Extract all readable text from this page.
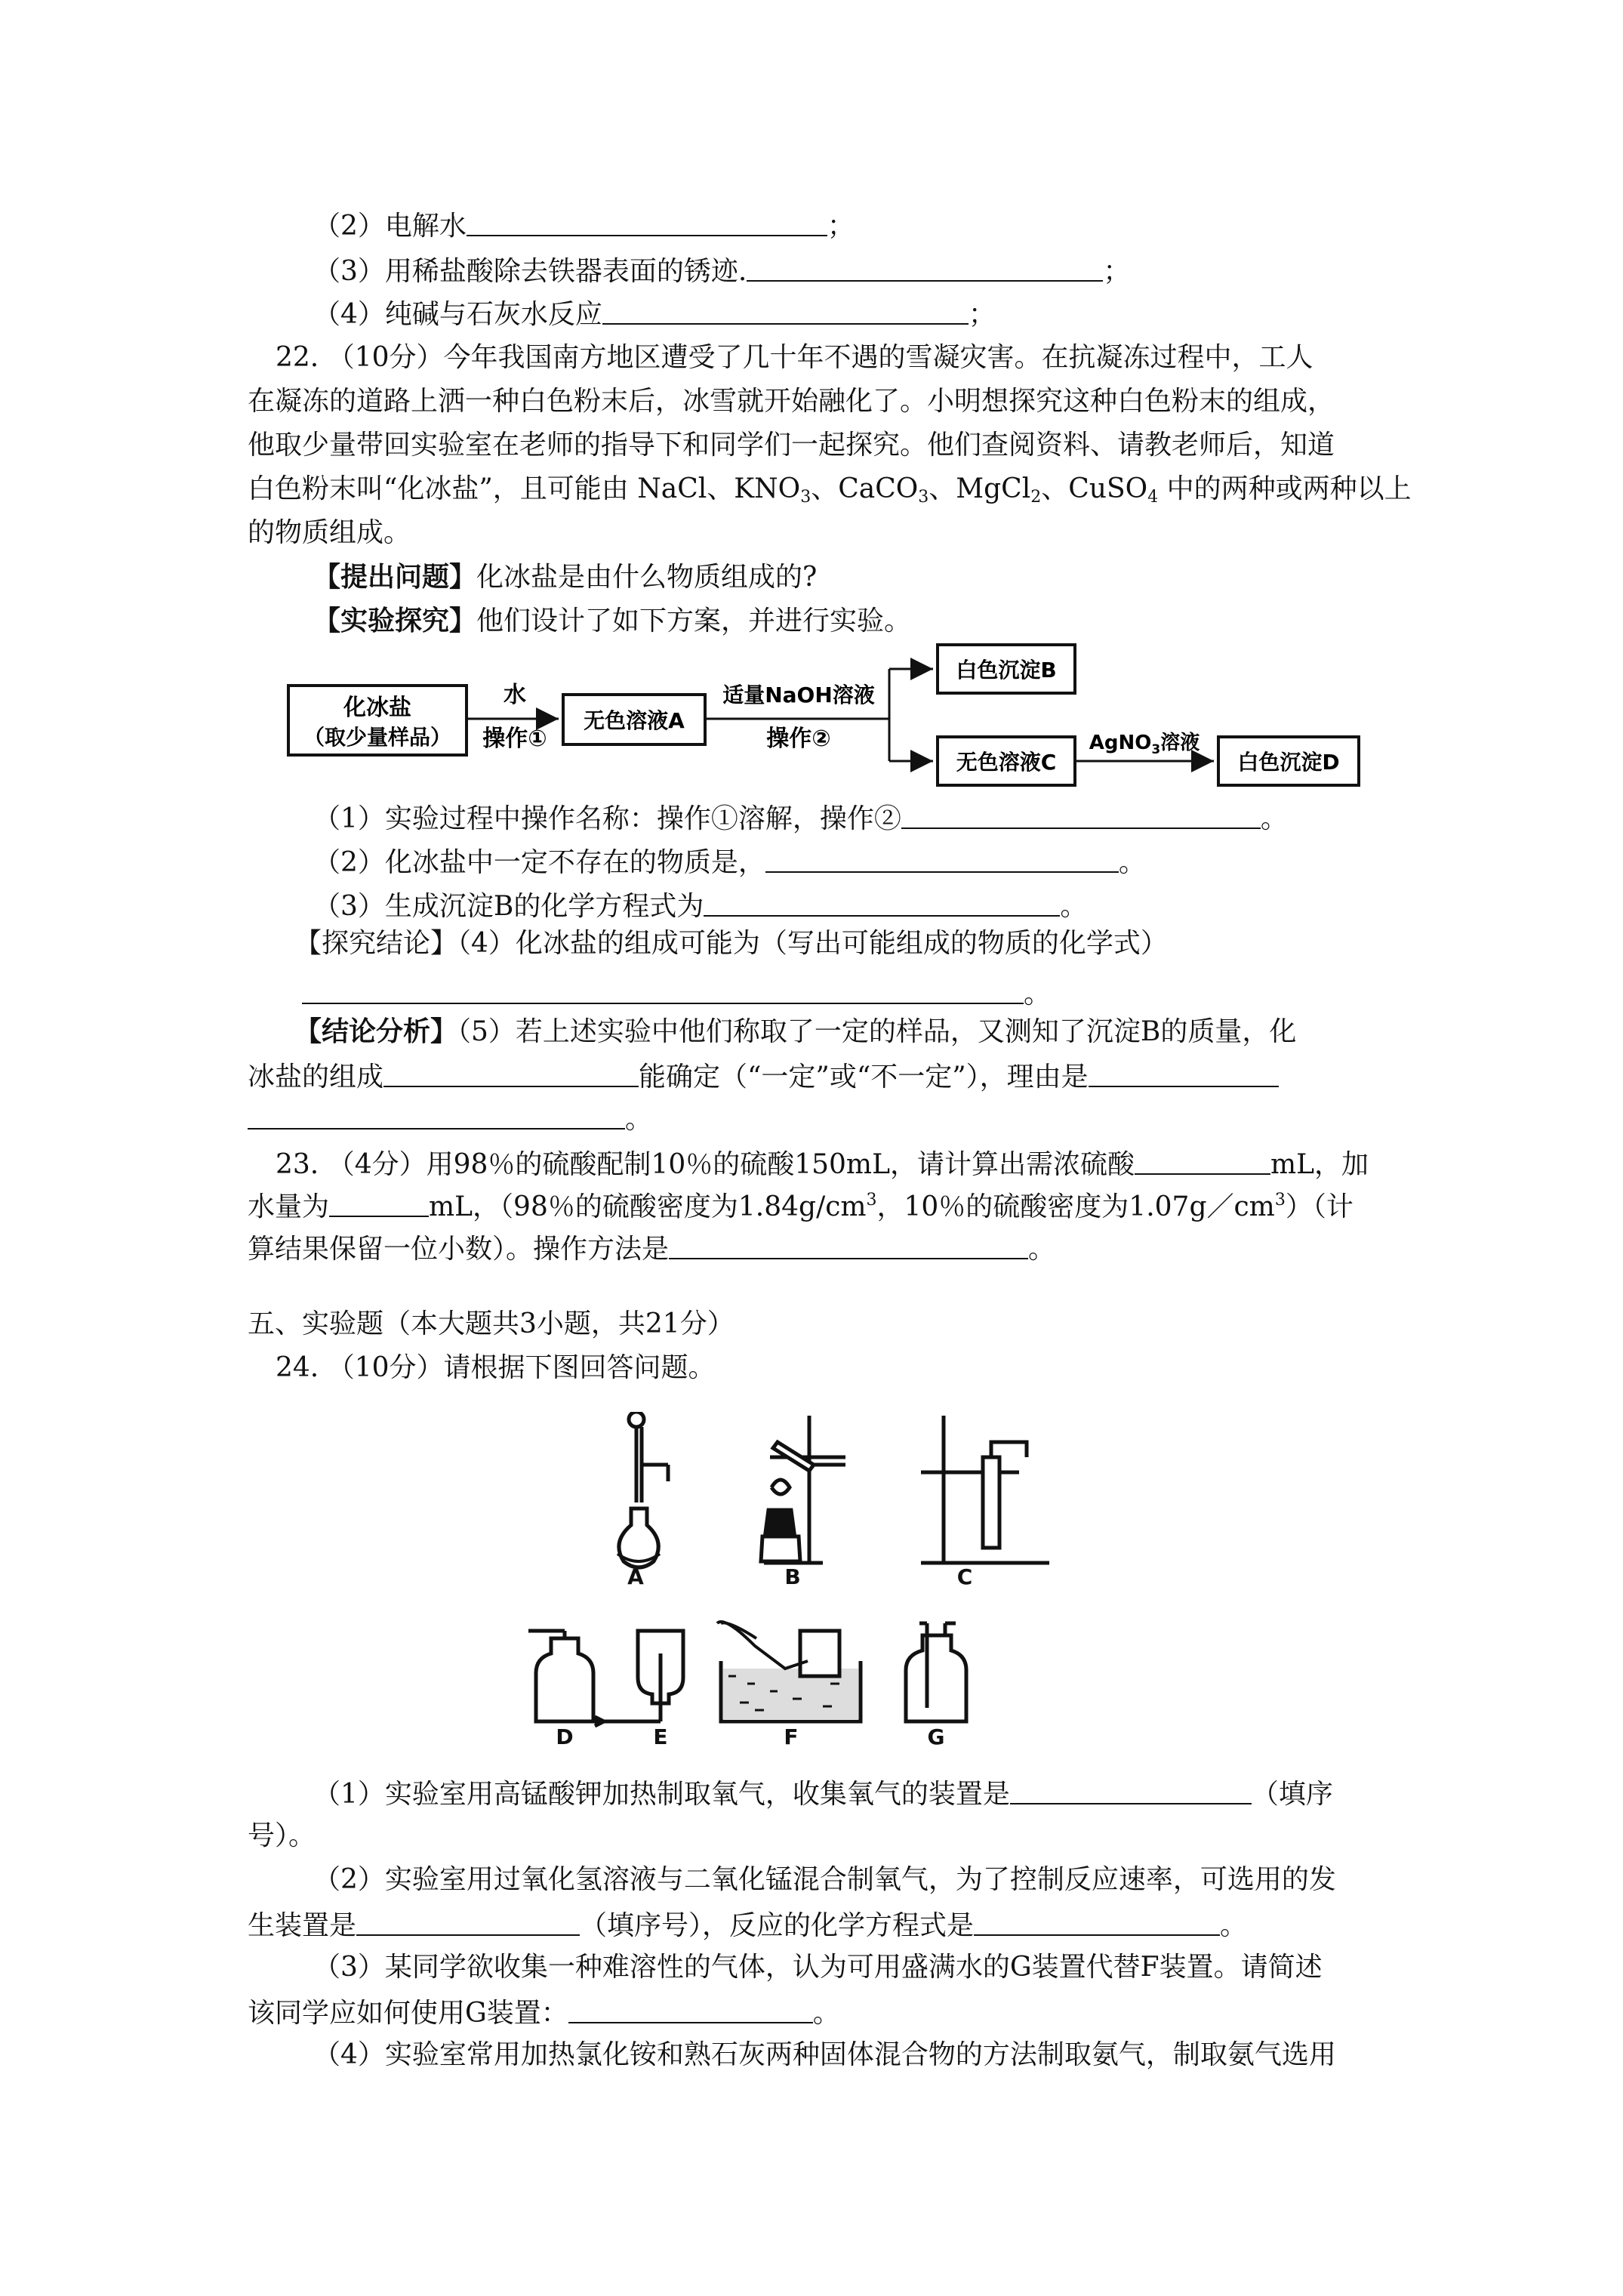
（2）电解水	；
（3）用稀盐酸除去铁器表面的锈迹.	；
（4）纯碱与石灰水反应	；
22. （10分）今年我国南方地区遭受了几十年不遇的雪凝灾害。在抗凝冻过程中，工人
在凝冻的道路上洒一种白色粉末后，冰雪就开始融化了。小明想探究这种白色粉末的组成，
他取少量带回实验室在老师的指导下和同学们一起探究。他们查阅资料、请教老师后，知道
白色粉末叫“化冰盐”，且可能由 NaCl、$KNO_3$、CaCO$_3$、MgCl$_2$、CuSO$_4$ 中的两种或两种以上
的物质组成。
【提出问题】化冰盐是由什么物质组成的?
【实验探究】他们设计了如下方案，并进行实验。
化冰盐
（取少量样品）
水
操作①
无色溶液A
适量NaOH溶液
操作②
白色沉淀B
无色溶液C
AgNO$_3$溶液
白色沉淀D
（1）实验过程中操作名称：操作①溶解，操作②	。
（2）化冰盐中一定不存在的物质是，	。
（3）生成沉淀B的化学方程式为	。
【探究结论】（4）化冰盐的组成可能为（写出可能组成的物质的化学式）
。
【结论分析】（5）若上述实验中他们称取了一定的样品，又测知了沉淀B的质量，化
冰盐的组成	能确定（“一定”或“不一定”），理由是
。
23. （4分）用98％的硫酸配制10％的硫酸150mL，请计算出需浓硫酸	mL，加
水量为	mL，（98％的硫酸密度为$1.84g/cm^3$，10％的硫酸密度为$1.07g/cm^3$）（计
算结果保留一位小数）。操作方法是	。
五、实验题（本大题共3小题，共21分）
24. （10分）请根据下图回答问题。
A	B	C
D	E	F	G
（1）实验室用高锰酸钾加热制取氧气，收集氧气的装置是	（填序
号）。
（2）实验室用过氧化氢溶液与二氧化锰混合制氧气，为了控制反应速率，可选用的发
生装置是	（填序号），反应的化学方程式是	。
（3）某同学欲收集一种难溶性的气体，认为可用盛满水的G装置代替F装置。请简述
该同学应如何使用G装置：	。
（4）实验室常用加热氯化铵和熟石灰两种固体混合物的方法制取氨气，制取氨气选用
